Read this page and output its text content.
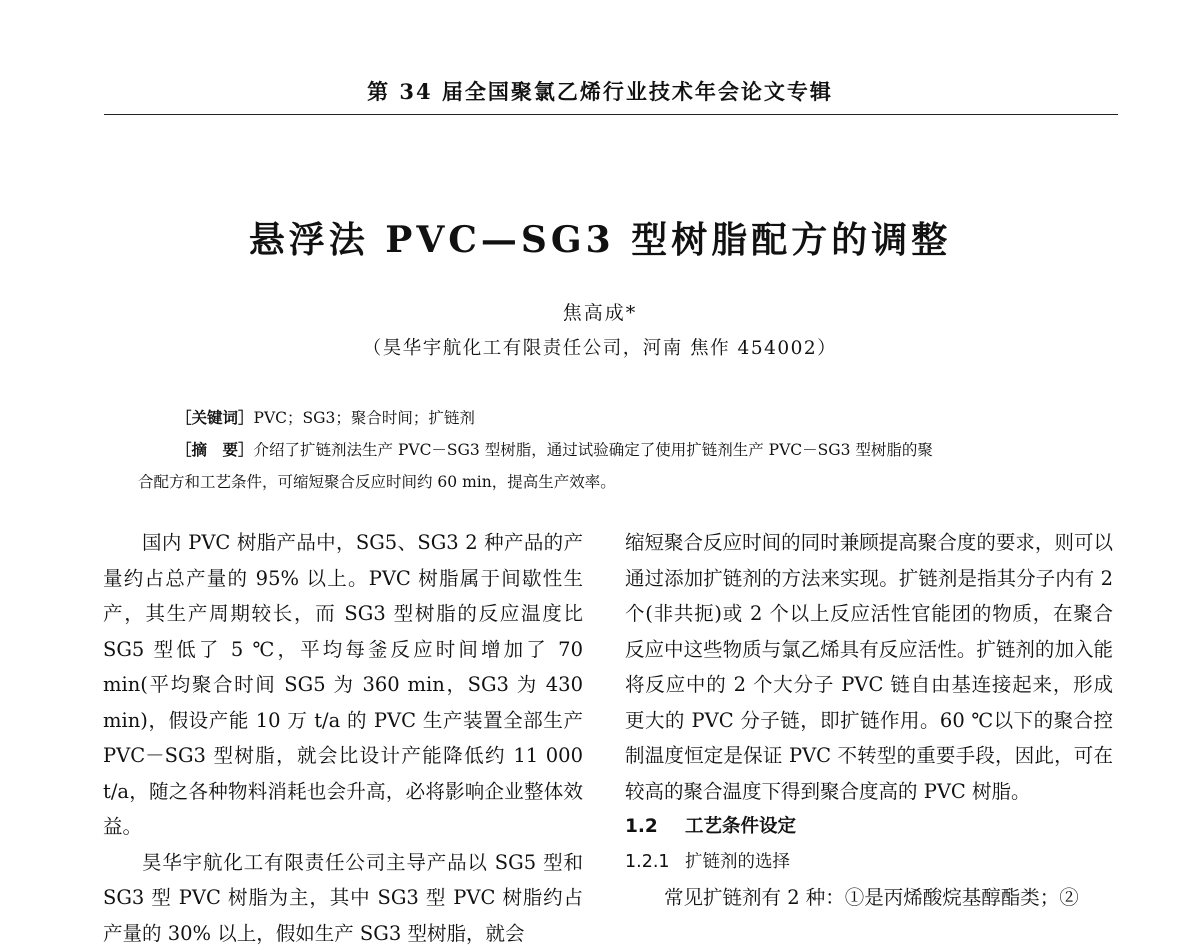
第 34 届全国聚氯乙烯行业技术年会论文专辑
悬浮法 PVC—SG3 型树脂配方的调整
焦高成*
（昊华宇航化工有限责任公司，河南 焦作 454002）
［关键词］PVC；SG3；聚合时间；扩链剂
［摘　要］介绍了扩链剂法生产 PVC－SG3 型树脂，通过试验确定了使用扩链剂生产 PVC－SG3 型树脂的聚
合配方和工艺条件，可缩短聚合反应时间约 60 min，提高生产效率。

国内 PVC 树脂产品中，SG5、SG3 2 种产品的产量约占总产量的 95% 以上。PVC 树脂属于间歇性生产，其生产周期较长，而 SG3 型树脂的反应温度比 SG5 型低了 5 ℃，平均每釜反应时间增加了 70 min(平均聚合时间 SG5 为 360 min，SG3 为 430 min)，假设产能 10 万 t/a 的 PVC 生产装置全部生产 PVC－SG3 型树脂，就会比设计产能降低约 11 000 t/a，随之各种物料消耗也会升高，必将影响企业整体效益。

昊华宇航化工有限责任公司主导产品以 SG5 型和 SG3 型 PVC 树脂为主，其中 SG3 型 PVC 树脂约占产量的 30% 以上，假如生产 SG3 型树脂，就会

缩短聚合反应时间的同时兼顾提高聚合度的要求，则可以通过添加扩链剂的方法来实现。扩链剂是指其分子内有 2 个(非共扼)或 2 个以上反应活性官能团的物质，在聚合反应中这些物质与氯乙烯具有反应活性。扩链剂的加入能将反应中的 2 个大分子 PVC 链自由基连接起来，形成更大的 PVC 分子链，即扩链作用。60 ℃以下的聚合控制温度恒定是保证 PVC 不转型的重要手段，因此，可在较高的聚合温度下得到聚合度高的 PVC 树脂。

1.2 工艺条件设定

1.2.1 扩链剂的选择

常见扩链剂有 2 种：①是丙烯酸烷基醇酯类；②
